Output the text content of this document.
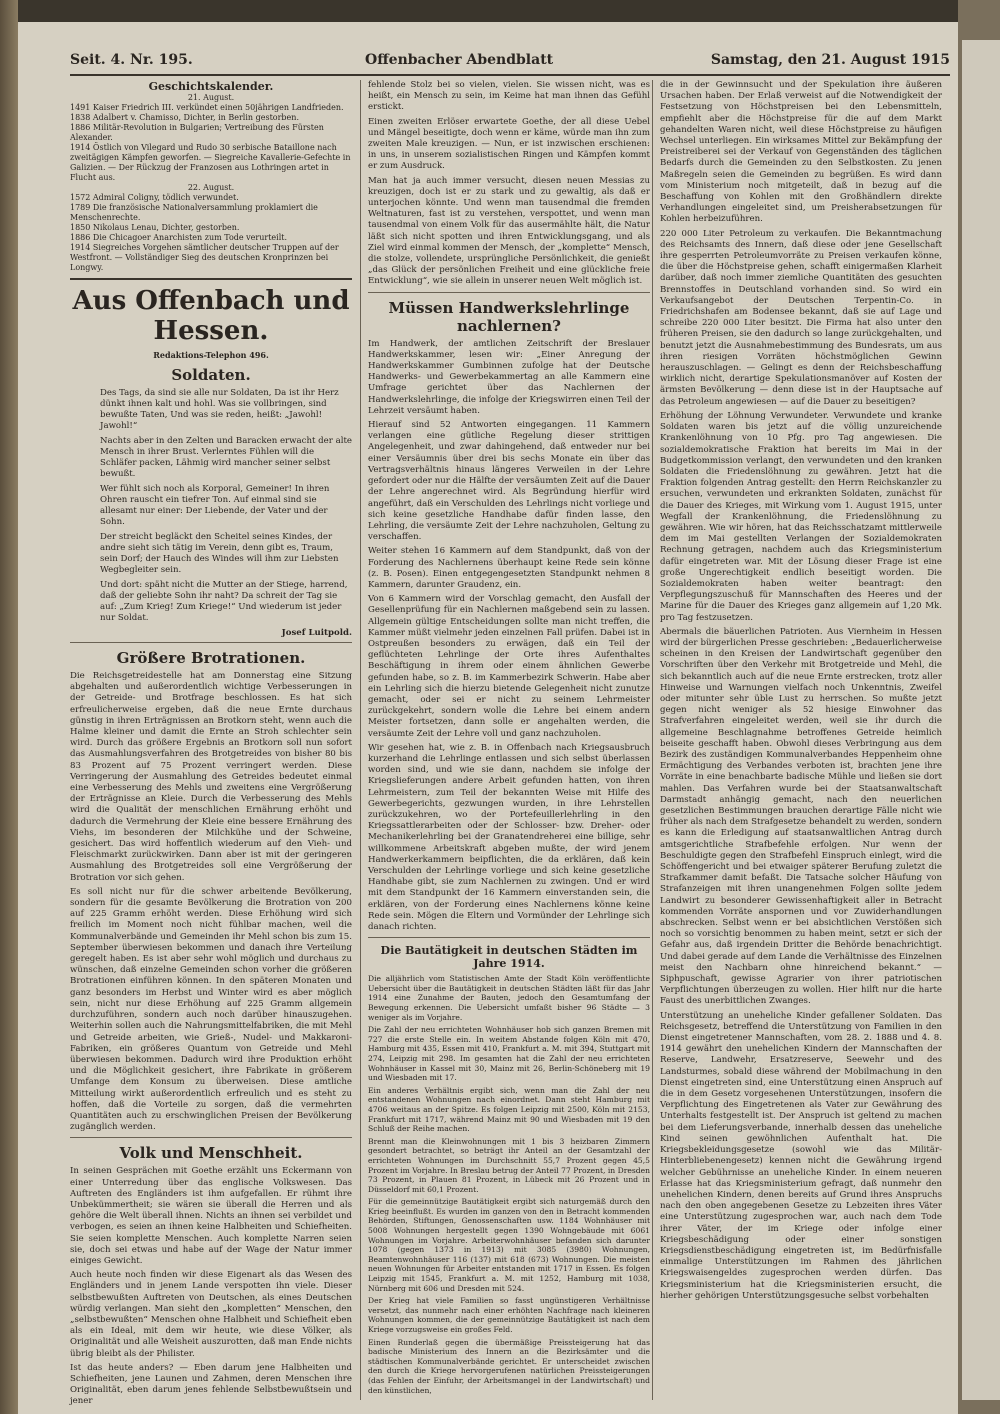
Seit. 4. Nr. 195.	Offenbacher Abendblatt	Samstag, den 21. August 1915
Geschichtskalender.

21. August.

1491 Kaiser Friedrich III. verkündet einen 50jährigen Landfrieden.

1838 Adalbert v. Chamisso, Dichter, in Berlin gestorben.

1886 Militär-Revolution in Bulgarien; Vertreibung des Fürsten Alexander.

1914 Östlich von Vilegard und Rudo 30 serbische Bataillone nach zweitägigen Kämpfen geworfen. — Siegreiche Kavallerie-Gefechte in Galizien. — Der Rückzug der Franzosen aus Lothringen artet in Flucht aus.

22. August.

1572 Admiral Coligny, tödlich verwundet.

1789 Die französische Nationalversammlung proklamiert die Menschenrechte.

1850 Nikolaus Lenau, Dichter, gestorben.

1886 Die Chicagoer Anarchisten zum Tode verurteilt.

1914 Siegreiches Vorgehen sämtlicher deutscher Truppen auf der Westfront. — Vollständiger Sieg des deutschen Kronprinzen bei Longwy.

Aus Offenbach und Hessen.
Redaktions-Telephon 496.
Soldaten.

Des Tags, da sind sie alle nur Soldaten, Da ist ihr Herz dünkt ihnen kalt und hohl. Was sie vollbringen, sind bewußte Taten, Und was sie reden, heißt: „Jawohl! Jawohl!“

Nachts aber in den Zelten und Baracken erwacht der alte Mensch in ihrer Brust. Verlerntes Fühlen will die Schläfer packen, Lähmig wird mancher seiner selbst bewußt.

Wer fühlt sich noch als Korporal, Gemeiner! In ihren Ohren rauscht ein tiefrer Ton. Auf einmal sind sie allesamt nur einer: Der Liebende, der Vater und der Sohn.

Der streicht begläckt den Scheitel seines Kindes, der andre sieht sich tätig im Verein, denn gibt es, Traum, sein Dorf; der Hauch des Windes will ihm zur Liebsten Wegbegleiter sein.

Und dort: späht nicht die Mutter an der Stiege, harrend, daß der geliebte Sohn ihr naht? Da schreit der Tag sie auf: „Zum Krieg! Zum Kriege!“ Und wiederum ist jeder nur Soldat.

Josef Luitpold.
Größere Brotrationen.

Die Reichsgetreidestelle hat am Donnerstag eine Sitzung abgehalten und außerordentlich wichtige Verbesserungen in der Getreide- und Brotfrage beschlossen. Es hat sich erfreulicherweise ergeben, daß die neue Ernte durchaus günstig in ihren Erträgnissen an Brotkorn steht, wenn auch die Halme kleiner und damit die Ernte an Stroh schlechter sein wird. Durch das größere Ergebnis an Brotkorn soll nun sofort das Ausmahlungsverfahren des Brotgetreides von bisher 80 bis 83 Prozent auf 75 Prozent verringert werden. Diese Verringerung der Ausmahlung des Getreides bedeutet einmal eine Verbesserung des Mehls und zweitens eine Vergrößerung der Erträgnisse an Kleie. Durch die Verbesserung des Mehls wird die Qualität der menschlichen Ernährung erhöht und dadurch die Vermehrung der Kleie eine bessere Ernährung des Viehs, im besonderen der Milchkühe und der Schweine, gesichert. Das wird hoffentlich wiederum auf den Vieh- und Fleischmarkt zurückwirken. Dann aber ist mit der geringeren Ausmahlung des Brotgetreides soll eine Vergrößerung der Brotration vor sich gehen.

Es soll nicht nur für die schwer arbeitende Bevölkerung, sondern für die gesamte Bevölkerung die Brotration von 200 auf 225 Gramm erhöht werden. Diese Erhöhung wird sich freilich im Moment noch nicht fühlbar machen, weil die Kommunalverbände und Gemeinden ihr Mehl schon bis zum 15. September überwiesen bekommen und danach ihre Verteilung geregelt haben. Es ist aber sehr wohl möglich und durchaus zu wünschen, daß einzelne Gemeinden schon vorher die größeren Brotrationen einführen können. In den späteren Monaten und ganz besonders im Herbst und Winter wird es aber möglich sein, nicht nur diese Erhöhung auf 225 Gramm allgemein durchzuführen, sondern auch noch darüber hinauszugehen. Weiterhin sollen auch die Nahrungsmittelfabriken, die mit Mehl und Getreide arbeiten, wie Grieß-, Nudel- und Makkaroni-Fabriken, ein größeres Quantum von Getreide und Mehl überwiesen bekommen. Dadurch wird ihre Produktion erhöht und die Möglichkeit gesichert, ihre Fabrikate in größerem Umfange dem Konsum zu überweisen. Diese amtliche Mitteilung wirkt außerordentlich erfreulich und es steht zu hoffen, daß die Vorteile zu sorgen, daß die vermehrten Quantitäten auch zu erschwinglichen Preisen der Bevölkerung zugänglich werden.

Volk und Menschheit.

In seinen Gesprächen mit Goethe erzählt uns Eckermann von einer Unterredung über das englische Volkswesen. Das Auftreten des Engländers ist ihm aufgefallen. Er rühmt ihre Unbekümmertheit; sie wären sie überall die Herren und als gehöre die Welt überall ihnen. Nichts an ihnen sei verbildet und verbogen, es seien an ihnen keine Halbheiten und Schiefheiten. Sie seien komplette Menschen. Auch komplette Narren seien sie, doch sei etwas und habe auf der Wage der Natur immer einiges Gewicht.

Auch heute noch finden wir diese Eigenart als das Wesen des Engländers und in jenem Lande verspotten ihn viele. Dieser selbstbewußten Auftreten von Deutschen, als eines Deutschen würdig verlangen. Man sieht den „kompletten“ Menschen, den „selbstbewußten“ Menschen ohne Halbheit und Schiefheit eben als ein Ideal, mit dem wir heute, wie diese Völker, als Originalität und alle Weisheit auszurotten, daß man Ende nichts übrig bleibt als der Philister.

Ist das heute anders? — Eben darum jene Halbheiten und Schiefheiten, jene Launen und Zahmen, deren Menschen ihre Originalität, eben darum jenes fehlende Selbstbewußtsein und jener

fehlende Stolz bei so vielen, vielen. Sie wissen nicht, was es heißt, ein Mensch zu sein, im Keime hat man ihnen das Gefühl erstickt.

Einen zweiten Erlöser erwartete Goethe, der all diese Uebel und Mängel beseitigte, doch wenn er käme, würde man ihn zum zweiten Male kreuzigen. — Nun, er ist inzwischen erschienen: in uns, in unserem sozialistischen Ringen und Kämpfen kommt er zum Ausdruck.

Man hat ja auch immer versucht, diesen neuen Messias zu kreuzigen, doch ist er zu stark und zu gewaltig, als daß er unterjochen könnte. Und wenn man tausendmal die fremden Weltnaturen, fast ist zu verstehen, verspottet, und wenn man tausendmal von einem Volk für das ausermählte hält, die Natur läßt sich nicht spotten und ihren Entwicklungsgang, und als Ziel wird einmal kommen der Mensch, der „komplette“ Mensch, die stolze, vollendete, ursprüngliche Persönlichkeit, die genießt „das Glück der persönlichen Freiheit und eine glückliche freie Entwicklung“, wie sie allein in unserer neuen Welt möglich ist.

Müssen Handwerkslehrlinge nachlernen?

Im Handwerk, der amtlichen Zeitschrift der Breslauer Handwerkskammer, lesen wir: „Einer Anregung der Handwerkskammer Gumbinnen zufolge hat der Deutsche Handwerks- und Gewerbekammertag an alle Kammern eine Umfrage gerichtet über das Nachlernen der Handwerkslehrlinge, die infolge der Kriegswirren einen Teil der Lehrzeit versäumt haben.

Hierauf sind 52 Antworten eingegangen. 11 Kammern verlangen eine gütliche Regelung dieser strittigen Angelegenheit, und zwar dahingehend, daß entweder nur bei einer Versäumnis über drei bis sechs Monate ein über das Vertragsverhältnis hinaus längeres Verweilen in der Lehre gefordert oder nur die Hälfte der versäumten Zeit auf die Dauer der Lehre angerechnet wird. Als Begründung hierfür wird angeführt, daß ein Verschulden des Lehrlings nicht vorliege und sich keine gesetzliche Handhabe dafür finden lasse, den Lehrling, die versäumte Zeit der Lehre nachzuholen, Geltung zu verschaffen.

Weiter stehen 16 Kammern auf dem Standpunkt, daß von der Forderung des Nachlernens überhaupt keine Rede sein könne (z. B. Posen). Einen entgegengesetzten Standpunkt nehmen 8 Kammern, darunter Graudenz, ein.

Von 6 Kammern wird der Vorschlag gemacht, den Ausfall der Gesellenprüfung für ein Nachlernen maßgebend sein zu lassen. Allgemein gültige Entscheidungen sollte man nicht treffen, die Kammer müßt vielmehr jeden einzelnen Fall prüfen. Dabei ist in Ostpreußen besonders zu erwägen, daß ein Teil der geflüchteten Lehrlinge der Orte ihres Aufenthaltes Beschäftigung in ihrem oder einem ähnlichen Gewerbe gefunden habe, so z. B. im Kammerbezirk Schwerin. Habe aber ein Lehrling sich die hierzu bietende Gelegenheit nicht zunutze gemacht, oder sei er nicht zu seinem Lehrmeister zurückgekehrt, sondern wolle die Lehre bei einem andern Meister fortsetzen, dann solle er angehalten werden, die versäumte Zeit der Lehre voll und ganz nachzuholen.

Wir gesehen hat, wie z. B. in Offenbach nach Kriegsausbruch kurzerhand die Lehrlinge entlassen und sich selbst überlassen worden sind, und wie sie dann, nachdem sie infolge der Kriegslieferungen andere Arbeit gefunden hatten, von ihren Lehrmeistern, zum Teil der bekannten Weise mit Hilfe des Gewerbegerichts, gezwungen wurden, in ihre Lehrstellen zurückzukehren, wo der Portefeuillerlehrling in den Kriegssattlerarbeiten oder der Schlosser- bzw. Dreher- oder Mechanikerlehrling bei der Granatendreherei eine billige, sehr willkommene Arbeitskraft abgeben mußte, der wird jenem Handwerkerkammern beipflichten, die da erklären, daß kein Verschulden der Lehrlinge vorliege und sich keine gesetzliche Handhabe gibt, sie zum Nachlernen zu zwingen. Und er wird mit dem Standpunkt der 16 Kammern einverstanden sein, die erklären, von der Forderung eines Nachlernens könne keine Rede sein. Mögen die Eltern und Vormünder der Lehrlinge sich danach richten.

Die Bautätigkeit in deutschen Städten im Jahre 1914.

Die alljährlich vom Statistischen Amte der Stadt Köln veröffentlichte Uebersicht über die Bautätigkeit in deutschen Städten läßt für das Jahr 1914 eine Zunahme der Bauten, jedoch den Gesamtumfang der Bewegung erkennen. Die Uebersicht umfaßt bisher 96 Städte — 3 weniger als im Vorjahre.

Die Zahl der neu errichteten Wohnhäuser hob sich ganzen Bremen mit 727 die erste Stelle ein. In weitem Abstande folgen Köln mit 470, Hamburg mit 435, Essen mit 410, Frankfurt a. M. mit 394, Stuttgart mit 274, Leipzig mit 298. Im gesamten hat die Zahl der neu errichteten Wohnhäuser in Kassel mit 30, Mainz mit 26, Berlin-Schöneberg mit 19 und Wiesbaden mit 17.

Ein anderes Verhältnis ergibt sich, wenn man die Zahl der neu entstandenen Wohnungen nach einordnet. Dann steht Hamburg mit 4706 weitaus an der Spitze. Es folgen Leipzig mit 2500, Köln mit 2153, Frankfurt mit 1717, während Mainz mit 90 und Wiesbaden mit 19 den Schluß der Reihe machen.

Brennt man die Kleinwohnungen mit 1 bis 3 heizbaren Zimmern gesondert betrachtet, so beträgt ihr Anteil an der Gesamtzahl der errichteten Wohnungen im Durchschnitt 55,7 Prozent gegen 45,5 Prozent im Vorjahre. In Breslau betrug der Anteil 77 Prozent, in Dresden 73 Prozent, in Plauen 81 Prozent, in Lübeck mit 26 Prozent und in Düsseldorf mit 60,1 Prozent.

Für die gemeinnützige Bautätigkeit ergibt sich naturgemäß durch den Krieg beeinflußt. Es wurden im ganzen von den in Betracht kommenden Behörden, Stiftungen, Genossenschaften usw. 1184 Wohnhäuser mit 5008 Wohnungen hergestellt gegen 1390 Wohngebäude mit 6061 Wohnungen im Vorjahre. Arbeiterwohnhäuser befanden sich darunter 1078 (gegen 1373 in 1913) mit 3085 (3980) Wohnungen, Beamtenwohnhäuser 116 (137) mit 618 (673) Wohnungen. Die meisten neuen Wohnungen für Arbeiter entstanden mit 1717 in Essen. Es folgen Leipzig mit 1545, Frankfurt a. M. mit 1252, Hamburg mit 1038, Nürnberg mit 606 und Dresden mit 524.

Der Krieg hat viele Familien so fasst ungünstigeren Verhältnisse versetzt, das nunmehr nach einer erhöhten Nachfrage nach kleineren Wohnungen kommen, die der gemeinnützige Bautätigkeit ist nach dem Kriege vorzugsweise ein großes Feld.

Einen Runderlaß gegen die übermäßige Preissteigerung hat das badische Ministerium des Innern an die Bezirksämter und die städtischen Kommunalverbände gerichtet. Er unterscheidet zwischen den durch die Kriege hervorgerufenen natürlichen Preissteigerungen (das Fehlen der Einfuhr, der Arbeitsmangel in der Landwirtschaft) und den künstlichen,

die in der Gewinnsucht und der Spekulation ihre äußeren Ursachen haben. Der Erlaß verweist auf die Notwendigkeit der Festsetzung von Höchstpreisen bei den Lebensmitteln, empfiehlt aber die Höchstpreise für die auf dem Markt gehandelten Waren nicht, weil diese Höchstpreise zu häufigen Wechsel unterliegen. Ein wirksames Mittel zur Bekämpfung der Preistreiberei sei der Verkauf von Gegenständen des täglichen Bedarfs durch die Gemeinden zu den Selbstkosten. Zu jenen Maßregeln seien die Gemeinden zu begrüßen. Es wird dann vom Ministerium noch mitgeteilt, daß in bezug auf die Beschaffung von Kohlen mit den Großhändlern direkte Verhandlungen eingeleitet sind, um Preisherabsetzungen für Kohlen herbeizuführen.

220 000 Liter Petroleum zu verkaufen. Die Bekanntmachung des Reichsamts des Innern, daß diese oder jene Gesellschaft ihre gesperrten Petroleumvorräte zu Preisen verkaufen könne, die über die Höchstpreise gehen, schafft einigermaßen Klarheit darüber, daß noch immer ziemliche Quantitäten des gesuchten Brennstoffes in Deutschland vorhanden sind. So wird ein Verkaufsangebot der Deutschen Terpentin-Co. in Friedrichshafen am Bodensee bekannt, daß sie auf Lage und schreibe 220 000 Liter besitzt. Die Firma hat also unter den früheren Preisen, sie den dadurch so lange zurückgehalten, und benutzt jetzt die Ausnahmebestimmung des Bundesrats, um aus ihren riesigen Vorräten höchstmöglichen Gewinn herauszuschlagen. — Gelingt es denn der Reichsbeschaffung wirklich nicht, derartige Spekulationsmanöver auf Kosten der ärmsten Bevölkerung — denn diese ist in der Hauptsache auf das Petroleum angewiesen — auf die Dauer zu beseitigen?

Erhöhung der Löhnung Verwundeter. Verwundete und kranke Soldaten waren bis jetzt auf die völlig unzureichende Krankenlöhnung von 10 Pfg. pro Tag angewiesen. Die sozialdemokratische Fraktion hat bereits im Mai in der Budgetkommission verlangt, den verwundeten und den kranken Soldaten die Friedenslöhnung zu gewähren. Jetzt hat die Fraktion folgenden Antrag gestellt: den Herrn Reichskanzler zu ersuchen, verwundeten und erkrankten Soldaten, zunächst für die Dauer des Krieges, mit Wirkung vom 1. August 1915, unter Wegfall der Krankenlöhnung, die Friedenslöhnung zu gewähren. Wie wir hören, hat das Reichsschatzamt mittlerweile dem im Mai gestellten Verlangen der Sozialdemokraten Rechnung getragen, nachdem auch das Kriegsministerium dafür eingetreten war. Mit der Lösung dieser Frage ist eine große Ungerechtigkeit endlich beseitigt worden. Die Sozialdemokraten haben weiter beantragt: den Verpflegungszuschuß für Mannschaften des Heeres und der Marine für die Dauer des Krieges ganz allgemein auf 1,20 Mk. pro Tag festzusetzen.

Abermals die bäuerlichen Patrioten. Aus Viernheim in Hessen wird der bürgerlichen Presse geschrieben: „Bedauerlicherweise scheinen in den Kreisen der Landwirtschaft gegenüber den Vorschriften über den Verkehr mit Brotgetreide und Mehl, die sich bekanntlich auch auf die neue Ernte erstrecken, trotz aller Hinweise und Warnungen vielfach noch Unkenntnis, Zweifel oder mitunter sehr üble Lust zu herrschen. So mußte jetzt gegen nicht weniger als 52 hiesige Einwohner das Strafverfahren eingeleitet werden, weil sie ihr durch die allgemeine Beschlagnahme betroffenes Getreide heimlich beiseite geschafft haben. Obwohl dieses Verbringung aus dem Bezirk des zuständigen Kommunalverbandes Heppenheim ohne Ermächtigung des Verbandes verboten ist, brachten jene ihre Vorräte in eine benachbarte badische Mühle und ließen sie dort mahlen. Das Verfahren wurde bei der Staatsanwaltschaft Darmstadt anhängig gemacht, nach den neuerlichen gesetzlichen Bestimmungen brauchen derartige Fälle nicht wie früher als nach dem Strafgesetze behandelt zu werden, sondern es kann die Erledigung auf staatsanwaltlichen Antrag durch amtsgerichtliche Strafbefehle erfolgen. Nur wenn der Beschuldigte gegen den Strafbefehl Einspruch einlegt, wird die Schöffengericht und bei etwaiger späterer Berufung zuletzt die Strafkammer damit befaßt. Die Tatsache solcher Häufung von Strafanzeigen mit ihren unangenehmen Folgen sollte jedem Landwirt zu besonderer Gewissenhaftigkeit aller in Betracht kommenden Vorräte anspornen und vor Zuwiderhandlungen abschrecken. Selbst wenn er bei absichtlichen Verstößen sich noch so vorsichtig benommen zu haben meint, setzt er sich der Gefahr aus, daß irgendein Dritter die Behörde benachrichtigt. Und dabei gerade auf dem Lande die Verhältnisse des Einzelnen meist den Nachbarn ohne hinreichend bekannt.“ — Siphpuschaft, gewisse Agrarier von ihrer patriotischen Verpflichtungen überzeugen zu wollen. Hier hilft nur die harte Faust des unerbittlichen Zwanges.

Unterstützung an uneheliche Kinder gefallener Soldaten. Das Reichsgesetz, betreffend die Unterstützung von Familien in den Dienst eingetretener Mannschaften, vom 28. 2. 1888 und 4. 8. 1914 gewährt den unehelichen Kindern der Mannschaften der Reserve, Landwehr, Ersatzreserve, Seewehr und des Landsturmes, sobald diese während der Mobilmachung in den Dienst eingetreten sind, eine Unterstützung einen Anspruch auf die in dem Gesetz vorgesehenen Unterstützungen, insofern die Verpflichtung des Eingetretenen als Vater zur Gewährung des Unterhalts festgestellt ist. Der Anspruch ist geltend zu machen bei dem Lieferungsverbande, innerhalb dessen das uneheliche Kind seinen gewöhnlichen Aufenthalt hat. Die Kriegsbekleidungsgesetze (sowohl wie das Militär-Hinterbliebenengesetz) kennen nicht die Gewährung irgend welcher Gebührnisse an uneheliche Kinder. In einem neueren Erlasse hat das Kriegsministerium gefragt, daß nunmehr den unehelichen Kindern, denen bereits auf Grund ihres Anspruchs nach den oben angegebenen Gesetze zu Lebzeiten ihres Väter eine Unterstützung zugesprochen war, auch nach dem Tode ihrer Väter, der im Kriege oder infolge einer Kriegsbeschädigung oder einer sonstigen Kriegsdienstbeschädigung eingetreten ist, im Bedürfnisfalle einmalige Unterstützungen im Rahmen des jährlichen Kriegswaisengeldes zugesprochen werden dürfen. Das Kriegsministerium hat die Kriegsministerien ersucht, die hierher gehörigen Unterstützungsgesuche selbst vorbehalten
